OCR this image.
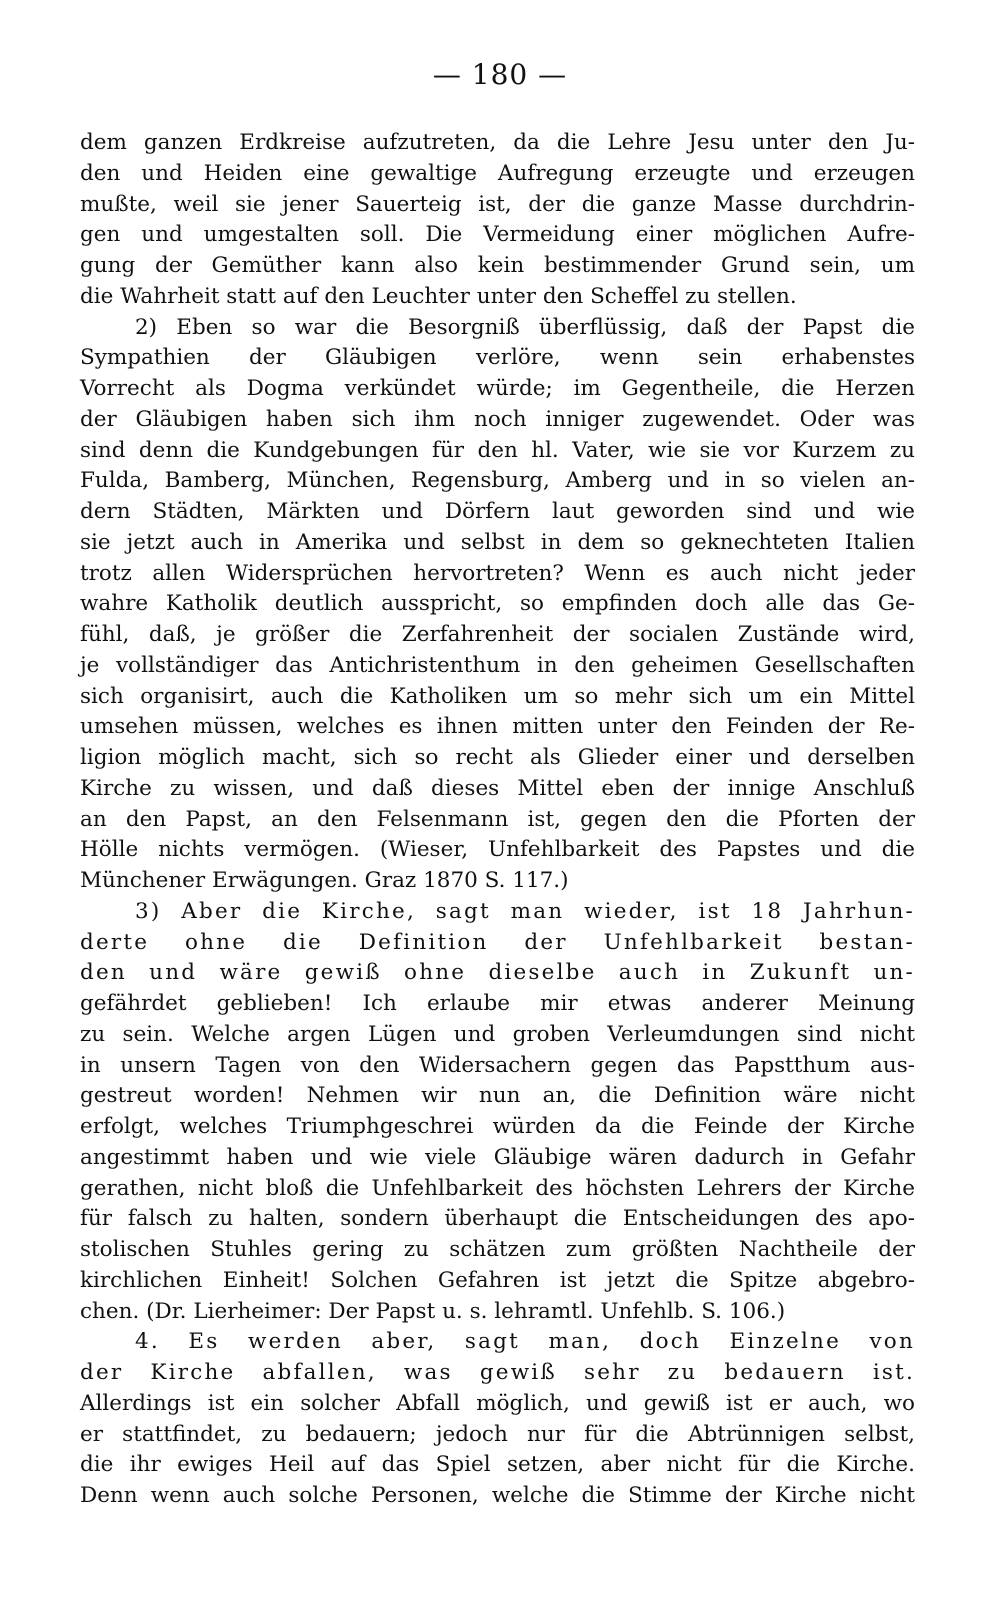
— 180 —
dem ganzen Erdkreise aufzutreten, da die Lehre Jesu unter den Ju-
den und Heiden eine gewaltige Aufregung erzeugte und erzeugen
mußte, weil sie jener Sauerteig ist, der die ganze Masse durchdrin-
gen und umgestalten soll. Die Vermeidung einer möglichen Aufre-
gung der Gemüther kann also kein bestimmender Grund sein, um
die Wahrheit statt auf den Leuchter unter den Scheffel zu stellen.
2) Eben so war die Besorgniß überflüssig, daß der Papst die
Sympathien der Gläubigen verlöre, wenn sein erhabenstes
Vorrecht als Dogma verkündet würde; im Gegentheile, die Herzen
der Gläubigen haben sich ihm noch inniger zugewendet. Oder was
sind denn die Kundgebungen für den hl. Vater, wie sie vor Kurzem zu
Fulda, Bamberg, München, Regensburg, Amberg und in so vielen an-
dern Städten, Märkten und Dörfern laut geworden sind und wie
sie jetzt auch in Amerika und selbst in dem so geknechteten Italien
trotz allen Widersprüchen hervortreten? Wenn es auch nicht jeder
wahre Katholik deutlich ausspricht, so empfinden doch alle das Ge-
fühl, daß, je größer die Zerfahrenheit der socialen Zustände wird,
je vollständiger das Antichristenthum in den geheimen Gesellschaften
sich organisirt, auch die Katholiken um so mehr sich um ein Mittel
umsehen müssen, welches es ihnen mitten unter den Feinden der Re-
ligion möglich macht, sich so recht als Glieder einer und derselben
Kirche zu wissen, und daß dieses Mittel eben der innige Anschluß
an den Papst, an den Felsenmann ist, gegen den die Pforten der
Hölle nichts vermögen. (Wieser, Unfehlbarkeit des Papstes und die
Münchener Erwägungen. Graz 1870 S. 117.)
3) Aber die Kirche, sagt man wieder, ist 18 Jahrhun-
derte ohne die Definition der Unfehlbarkeit bestan-
den und wäre gewiß ohne dieselbe auch in Zukunft un-
gefährdet geblieben! Ich erlaube mir etwas anderer Meinung
zu sein. Welche argen Lügen und groben Verleumdungen sind nicht
in unsern Tagen von den Widersachern gegen das Papstthum aus-
gestreut worden! Nehmen wir nun an, die Definition wäre nicht
erfolgt, welches Triumphgeschrei würden da die Feinde der Kirche
angestimmt haben und wie viele Gläubige wären dadurch in Gefahr
gerathen, nicht bloß die Unfehlbarkeit des höchsten Lehrers der Kirche
für falsch zu halten, sondern überhaupt die Entscheidungen des apo-
stolischen Stuhles gering zu schätzen zum größten Nachtheile der
kirchlichen Einheit! Solchen Gefahren ist jetzt die Spitze abgebro-
chen. (Dr. Lierheimer: Der Papst u. s. lehramtl. Unfehlb. S. 106.)
4. Es werden aber, sagt man, doch Einzelne von
der Kirche abfallen, was gewiß sehr zu bedauern ist.
Allerdings ist ein solcher Abfall möglich, und gewiß ist er auch, wo
er stattfindet, zu bedauern; jedoch nur für die Abtrünnigen selbst,
die ihr ewiges Heil auf das Spiel setzen, aber nicht für die Kirche.
Denn wenn auch solche Personen, welche die Stimme der Kirche nicht
